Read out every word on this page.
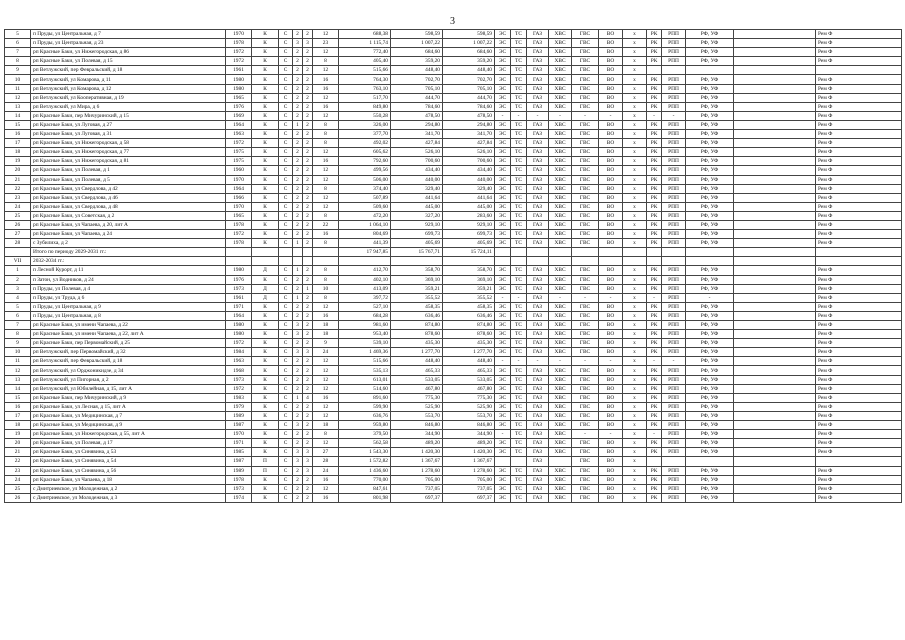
3
5	п Пруды, ул Центральная, д 7	1970	К	С	2	2	12	688,38	598,59	598,59	ЭС	ТС	ГАЗ	ХВС	ГВС	ВО	х	РК	РПП	РФ, УФ		Рем Ф
6	п Пруды, ул Центральная, д 23	1978	К	С	3	3	23	1 115,74	1 007,22	1 007,22	ЭС	ТС	ГАЗ	ХВС	ГВС	ВО	х	РК	РПП	РФ, УФ		Рем Ф
7	рп Красные Баки, ул Нижегородская, д 86	1972	К	С	2	2	12	772,40	684,60	684,60	ЭС	ТС	ГАЗ	ХВС	ГВС	ВО	х	РК	РПП	РФ, УФ		Рем Ф
8	рп Красные Баки, ул Полевая, д 15	1972	К	С	2	2	8	405,40	359,20	359,20	ЭС	ТС	ГАЗ	ХВС	ГВС	ВО	х	РК	РПП	РФ, УФ		Рем Ф
9	рп Ветлужский, пер Февральский, д 18	1961	К	С	2	2	12	515,66	448,40	448,40	ЭС	ТС	ГАЗ	ХВС	ГВС	ВО	х					
10	рп Ветлужский, ул Комарова, д 11	1980	К	С	2	2	16	764,30	702,70	702,70	ЭС	ТС	ГАЗ	ХВС	ГВС	ВО	х	РК	РПП	РФ, УФ		Рем Ф
11	рп Ветлужский, ул Комарова, д 12	1980	К	С	2	2	16	763,10	705,10	705,10	ЭС	ТС	ГАЗ	ХВС	ГВС	ВО	х	РК	РПП	РФ, УФ		Рем Ф
12	рп Ветлужский, ул Кооперативная, д 19	1965	К	С	2	2	12	517,70	444,70	444,70	ЭС	ТС	ГАЗ	ХВС	ГВС	ВО	х	РК	РПП	РФ, УФ		Рем Ф
13	рп Ветлужский, ул Мира, д 6	1976	К	С	2	2	16	849,80	784,60	784,60	ЭС	ТС	ГАЗ	ХВС	ГВС	ВО	х	РК	РПП	РФ, УФ		Рем Ф
14	рп Красные Баки, пер Мичуринский, д 15	1969	К	С	2	2	12	550,28	478,50	478,50	-	-	-	-	-	-	х	-	-	РФ, УФ		Рем Ф
15	рп Красные Баки, ул Луговая, д 27	1964	К	С	1	2	8	326,00	294,80	294,80	ЭС	ТС	ГАЗ	ХВС	ГВС	ВО	х	РК	РПП	РФ, УФ		Рем Ф
16	рп Красные Баки, ул Луговая, д 31	1963	К	С	2	2	8	377,70	341,70	341,70	ЭС	ТС	ГАЗ	ХВС	ГВС	ВО	х	РК	РПП	РФ, УФ		Рем Ф
17	рп Красные Баки, ул Нижегородская, д 58	1972	К	С	2	2	8	492,02	427,84	427,84	ЭС	ТС	ГАЗ	ХВС	ГВС	ВО	х	РК	РПП	РФ, УФ		Рем Ф
18	рп Красные Баки, ул Нижегородская, д 77	1975	К	С	2	2	12	605,62	526,10	526,10	ЭС	ТС	ГАЗ	ХВС	ГВС	ВО	х	РК	РПП	РФ, УФ		Рем Ф
19	рп Красные Баки, ул Нижегородская, д 81	1975	К	С	2	2	16	792,60	700,60	700,60	ЭС	ТС	ГАЗ	ХВС	ГВС	ВО	х	РК	РПП	РФ, УФ		Рем Ф
20	рп Красные Баки, ул Полевая, д 1	1960	К	С	2	2	12	499,56	434,40	434,40	ЭС	ТС	ГАЗ	ХВС	ГВС	ВО	х	РК	РПП	РФ, УФ		Рем Ф
21	рп Красные Баки, ул Полевая, д 5	1970	К	С	2	2	12	506,00	440,00	440,00	ЭС	ТС	ГАЗ	ХВС	ГВС	ВО	х	РК	РПП	РФ, УФ		Рем Ф
22	рп Красные Баки, ул Свердлова, д 42	1964	К	С	2	2	8	374,40	329,40	329,40	ЭС	ТС	ГАЗ	ХВС	ГВС	ВО	х	РК	РПП	РФ, УФ		Рем Ф
23	рп Красные Баки, ул Свердлова, д 46	1966	К	С	2	2	12	507,89	441,64	441,64	ЭС	ТС	ГАЗ	ХВС	ГВС	ВО	х	РК	РПП	РФ, УФ		Рем Ф
24	рп Красные Баки, ул Свердлова, д 48	1970	К	С	2	2	12	509,60	445,00	445,00	ЭС	ТС	ГАЗ	ХВС	ГВС	ВО	х	РК	РПП	РФ, УФ		Рем Ф
25	рп Красные Баки, ул Советская, д 2	1965	К	С	2	2	8	472,20	327,20	283,60	ЭС	ТС	ГАЗ	ХВС	ГВС	ВО	х	РК	РПП	РФ, УФ		Рем Ф
26	рп Красные Баки, ул Чапаева, д 20, лит А	1978	К	С	2	2	22	1 064,10	929,10	929,10	ЭС	ТС	ГАЗ	ХВС	ГВС	ВО	х	РК	РПП	РФ, УФ		Рем Ф
27	рп Красные Баки, ул Чапаева, д 24	1972	К	С	2	2	16	804,69	699,73	699,73	ЭС	ТС	ГАЗ	ХВС	ГВС	ВО	х	РК	РПП	РФ, УФ		Рем Ф
28	с Зубилиха, д 2	1978	К	С	1	2	8	441,39	405,69	405,69	ЭС	ТС	ГАЗ	ХВС	ГВС	ВО	х	РК	РПП	РФ, УФ		Рем Ф
	Итого по периоду 2029-2031 гг.:							17 947,85	15 767,71	15 724,11												
VII	2032-2034 гг.:																					
1	п Лесной Курорт, д 11	1980	Д	С	1	2	8	412,70	358,70	358,70	ЭС	ТС	ГАЗ	ХВС	ГВС	ВО	х	РК	РПП	РФ, УФ		Рем Ф
2	п Затон, ул Водников, д 24	1976	К	С	2	2	8	402,10	369,10	369,10	ЭС	ТС	ГАЗ	ХВС	ГВС	ВО	х	РК	РПП	РФ, УФ		Рем Ф
3	п Пруды, ул Полевая, д 4	1973	Д	С	2	1	10	413,09	359,21	359,21	ЭС	ТС	ГАЗ	ХВС	ГВС	ВО	х	РК	РПП	РФ, УФ		Рем Ф
4	п Пруды, ул Труда, д 6	1961	Д	С	1	2	8	397,72	355,52	355,52	-	-	ГАЗ	-	-	-	х	-	РПП	-		Рем Ф
5	п Пруды, ул Центральная, д 9	1971	К	С	2	2	12	527,10	458,35	458,35	ЭС	ТС	ГАЗ	ХВС	ГВС	ВО	х	РК	РПП	РФ, УФ		Рем Ф
6	п Пруды, ул Центральная, д 8	1964	К	С	2	2	16	684,28	636,46	636,46	ЭС	ТС	ГАЗ	ХВС	ГВС	ВО	х	РК	РПП	РФ, УФ		Рем Ф
7	рп Красные Баки, ул имени Чапаева, д 22	1980	К	С	3	2	18	981,60	874,80	874,80	ЭС	ТС	ГАЗ	ХВС	ГВС	ВО	х	РК	РПП	РФ, УФ		Рем Ф
8	рп Красные Баки, ул имени Чапаева, д 22, лит А	1980	К	С	3	2	18	953,40	878,60	878,60	ЭС	ТС	ГАЗ	ХВС	ГВС	ВО	х	РК	РПП	РФ, УФ		Рем Ф
9	рп Красные Баки, пер Первомайский, д 25	1972	К	С	2	2	9	539,10	435,30	435,30	ЭС	ТС	ГАЗ	ХВС	ГВС	ВО	х	РК	РПП	РФ, УФ		Рем Ф
10	рп Ветлужский, пер Первомайский, д 32	1984	К	С	3	3	24	1 469,36	1 277,70	1 277,70	ЭС	ТС	ГАЗ	ХВС	ГВС	ВО	х	РК	РПП	РФ, УФ		Рем Ф
11	рп Ветлужский, пер Февральский, д 18	1963	К	С	2	2	12	515,66	448,40	448,40	-	-	-	-	-	-	х	-	-	РФ, УФ		Рем Ф
12	рп Ветлужский, ул Орджоникидзе, д 34	1968	К	С	2	2	12	535,13	465,33	465,33	ЭС	ТС	ГАЗ	ХВС	ГВС	ВО	х	РК	РПП	РФ, УФ		Рем Ф
13	рп Ветлужский, ул Пигорная, д 2	1973	К	С	2	2	12	613,01	533,05	533,05	ЭС	ТС	ГАЗ	ХВС	ГВС	ВО	х	РК	РПП	РФ, УФ		Рем Ф
14	рп Ветлужский, ул Юбилейная, д 15, лит А	1972	К	С	2	2	12	514,60	467,80	467,80	ЭС	ТС	ГАЗ	ХВС	ГВС	ВО	х	РК	РПП	РФ, УФ		Рем Ф
15	рп Красные Баки, пер Мичуринский, д 9	1983	К	С	1	4	16	891,60	775,30	775,30	ЭС	ТС	ГАЗ	ХВС	ГВС	ВО	х	РК	РПП	РФ, УФ		Рем Ф
16	рп Красные Баки, ул Лесная, д 15, лит А	1979	К	С	2	2	12	599,90	525,90	525,90	ЭС	ТС	ГАЗ	ХВС	ГВС	ВО	х	РК	РПП	РФ, УФ		Рем Ф
17	рп Красные Баки, ул Медицинская, д 7	1989	К	С	2	2	12	636,76	553,70	553,70	ЭС	ТС	ГАЗ	ХВС	ГВС	ВО	х	РК	РПП	РФ, УФ		Рем Ф
18	рп Красные Баки, ул Медицинская, д 9	1987	К	С	3	2	18	959,80	846,80	846,80	ЭС	ТС	ГАЗ	ХВС	ГВС	ВО	х	РК	РПП	РФ, УФ		Рем Ф
19	рп Красные Баки, ул Нижегородская, д 55, лит А	1970	К	С	2	2	8	379,50	344,90	344,90	-	ТС	ГАЗ	ХВС	-	-	х	-	РПП	РФ, УФ		Рем Ф
20	рп Красные Баки, ул Полевая, д 17	1971	К	С	2	2	12	562,58	489,20	489,20	ЭС	ТС	ГАЗ	ХВС	ГВС	ВО	х	РК	РПП	РФ, УФ		Рем Ф
21	рп Красные Баки, ул Синявина, д 53	1985	К	С	3	3	27	1 543,30	1 420,30	1 420,30	ЭС	ТС	ГАЗ	ХВС	ГВС	ВО	х	РК	РПП	РФ, УФ		Рем Ф
22	рп Красные Баки, ул Синявина, д 54	1987	П	С	3	3	28	1 572,82	1 367,67	1 367,67			ГАЗ		ГВС	ВО	х					
23	рп Красные Баки, ул Синявина, д 56	1989	П	С	2	3	24	1 436,60	1 278,60	1 278,60	ЭС	ТС	ГАЗ	ХВС	ГВС	ВО	х	РК	РПП	РФ, УФ		Рем Ф
24	рп Красные Баки, ул Чапаева, д 18	1978	К	С	2	2	16	770,00	705,00	705,00	ЭС	ТС	ГАЗ	ХВС	ГВС	ВО	х	РК	РПП	РФ, УФ		Рем Ф
25	с Дмитриевское, ул Молодежная, д 2	1973	К	С	2	2	12	847,61	737,05	737,05	ЭС	ТС	ГАЗ	ХВС	ГВС	ВО	х	РК	РПП	РФ, УФ		Рем Ф
26	с Дмитриевское, ул Молодежная, д 3	1974	К	С	2	2	16	801,98	697,37	697,37	ЭС	ТС	ГАЗ	ХВС	ГВС	ВО	х	РК	РПП	РФ, УФ		Рем Ф
